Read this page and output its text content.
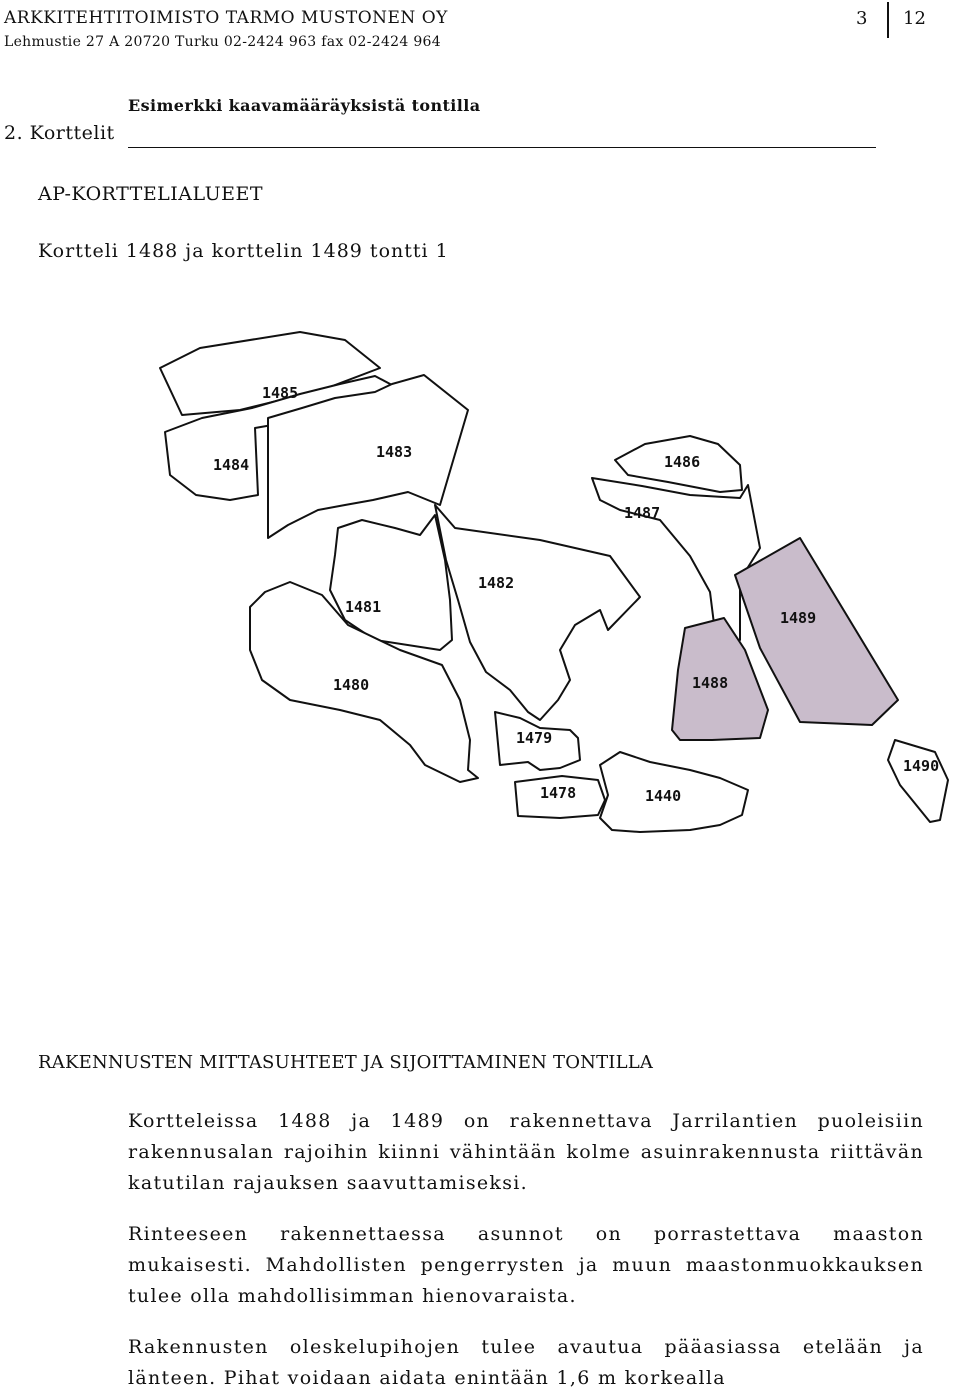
ARKKITEHTITOIMISTO TARMO MUSTONEN OY
Lehmustie 27 A 20720 Turku 02-2424 963 fax 02-2424 964
3 12
Esimerkki kaavamääräyksistä tontilla
2. Korttelit
AP-KORTTELIALUEET
Kortteli 1488 ja korttelin 1489 tontti 1
1485
1484
1483
1486
1487
1482
1481
1489
1488
1480
1479
1490
1478	1440
RAKENNUSTEN MITTASUHTEET JA SIJOITTAMINEN TONTILLA

Kortteleissa 1488 ja 1489 on rakennettava Jarrilantien puoleisiin rakennusalan rajoihin kiinni vähintään kolme asuinrakennusta riittävän katutilan rajauksen saavuttamiseksi.

Rinteeseen rakennettaessa asunnot on porrastettava maaston mukaisesti. Mahdollisten pengerrysten ja muun maastonmuokkauksen tulee olla mahdollisimman hienovaraista.

Rakennusten oleskelupihojen tulee avautua pääasiassa etelään ja länteen. Pihat voidaan aidata enintään 1,6 m korkealla
